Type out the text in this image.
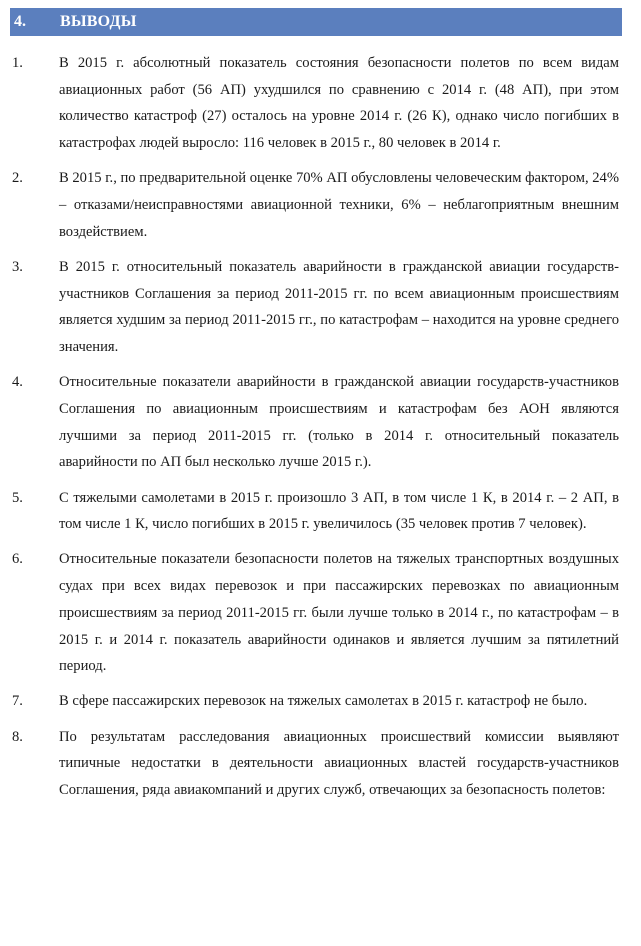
4. ВЫВОДЫ
1. В 2015 г. абсолютный показатель состояния безопасности полетов по всем видам авиационных работ (56 АП) ухудшился по сравнению с 2014 г. (48 АП), при этом количество катастроф (27) осталось на уровне 2014 г. (26 К), однако число погибших в катастрофах людей выросло: 116 человек в 2015 г., 80 человек в 2014 г.
2. В 2015 г., по предварительной оценке 70% АП обусловлены человеческим фактором, 24% – отказами/неисправностями авиационной техники, 6% – неблагоприятным внешним воздействием.
3. В 2015 г. относительный показатель аварийности в гражданской авиации государств-участников Соглашения за период 2011-2015 гг. по всем авиационным происшествиям является худшим за период 2011-2015 гг., по катастрофам – находится на уровне среднего значения.
4. Относительные показатели аварийности в гражданской авиации государств-участников Соглашения по авиационным происшествиям и катастрофам без АОН являются лучшими за период 2011-2015 гг. (только в 2014 г. относительный показатель аварийности по АП был несколько лучше 2015 г.).
5. С тяжелыми самолетами в 2015 г. произошло 3 АП, в том числе 1 К, в 2014 г. – 2 АП, в том числе 1 К, число погибших в 2015 г. увеличилось (35 человек против 7 человек).
6. Относительные показатели безопасности полетов на тяжелых транспортных воздушных судах при всех видах перевозок и при пассажирских перевозках по авиационным происшествиям за период 2011-2015 гг. были лучше только в 2014 г., по катастрофам – в 2015 г. и 2014 г. показатель аварийности одинаков и является лучшим за пятилетний период.
7. В сфере пассажирских перевозок на тяжелых самолетах в 2015 г. катастроф не было.
8. По результатам расследования авиационных происшествий комиссии выявляют типичные недостатки в деятельности авиационных властей государств-участников Соглашения, ряда авиакомпаний и других служб, отвечающих за безопасность полетов:
